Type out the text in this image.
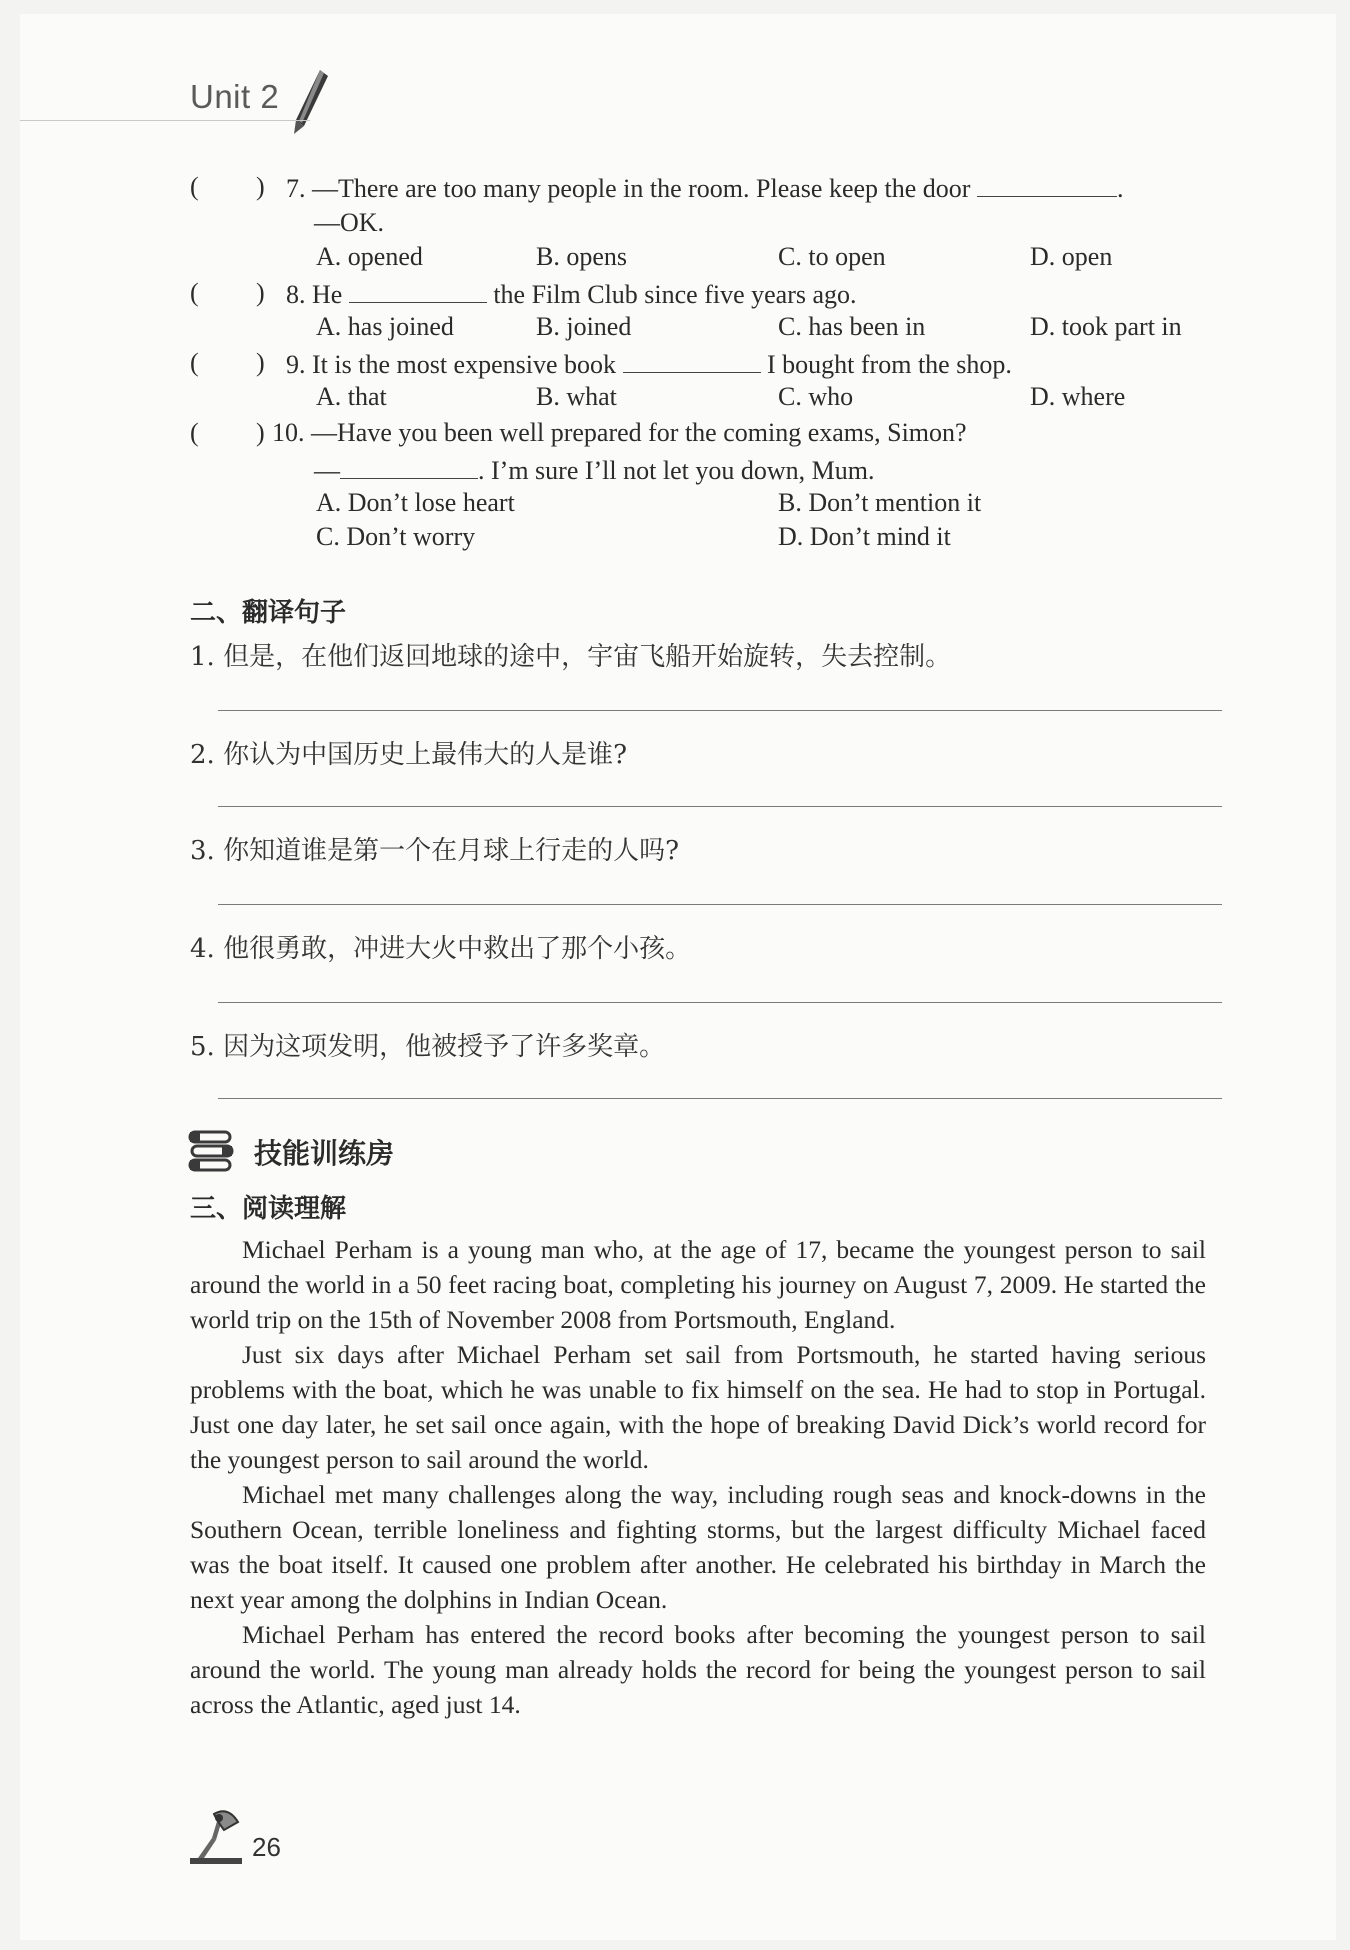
Unit 2
( ) 7. —There are too many people in the room. Please keep the door	.
—OK.
A. opened	B. opens	C. to open	D. open
( ) 8. He	the Film Club since five years ago.
A. has joined	B. joined	C. has been in	D. took part in
( ) 9. It is the most expensive book	I bought from the shop.
A. that	B. what	C. who	D. where
( ) 10. —Have you been well prepared for the coming exams, Simon?
—	. I’m sure I’ll not let you down, Mum.
A. Don’t lose heart	B. Don’t mention it
C. Don’t worry	D. Don’t mind it
二、翻译句子
1. 但是，在他们返回地球的途中，宇宙飞船开始旋转，失去控制。
2. 你认为中国历史上最伟大的人是谁?
3. 你知道谁是第一个在月球上行走的人吗?
4. 他很勇敢，冲进大火中救出了那个小孩。
5. 因为这项发明，他被授予了许多奖章。
技能训练房
三、阅读理解

Michael Perham is a young man who, at the age of 17, became the youngest person to sail around the world in a 50 feet racing boat, completing his journey on August 7, 2009. He started the world trip on the 15th of November 2008 from Portsmouth, England.

Just six days after Michael Perham set sail from Portsmouth, he started having serious problems with the boat, which he was unable to fix himself on the sea. He had to stop in Portugal. Just one day later, he set sail once again, with the hope of breaking David Dick’s world record for the youngest person to sail around the world.

Michael met many challenges along the way, including rough seas and knock-downs in the Southern Ocean, terrible loneliness and fighting storms, but the largest difficulty Michael faced was the boat itself. It caused one problem after another. He celebrated his birthday in March the next year among the dolphins in Indian Ocean.

Michael Perham has entered the record books after becoming the youngest person to sail around the world. The young man already holds the record for being the youngest person to sail across the Atlantic, aged just 14.

26
